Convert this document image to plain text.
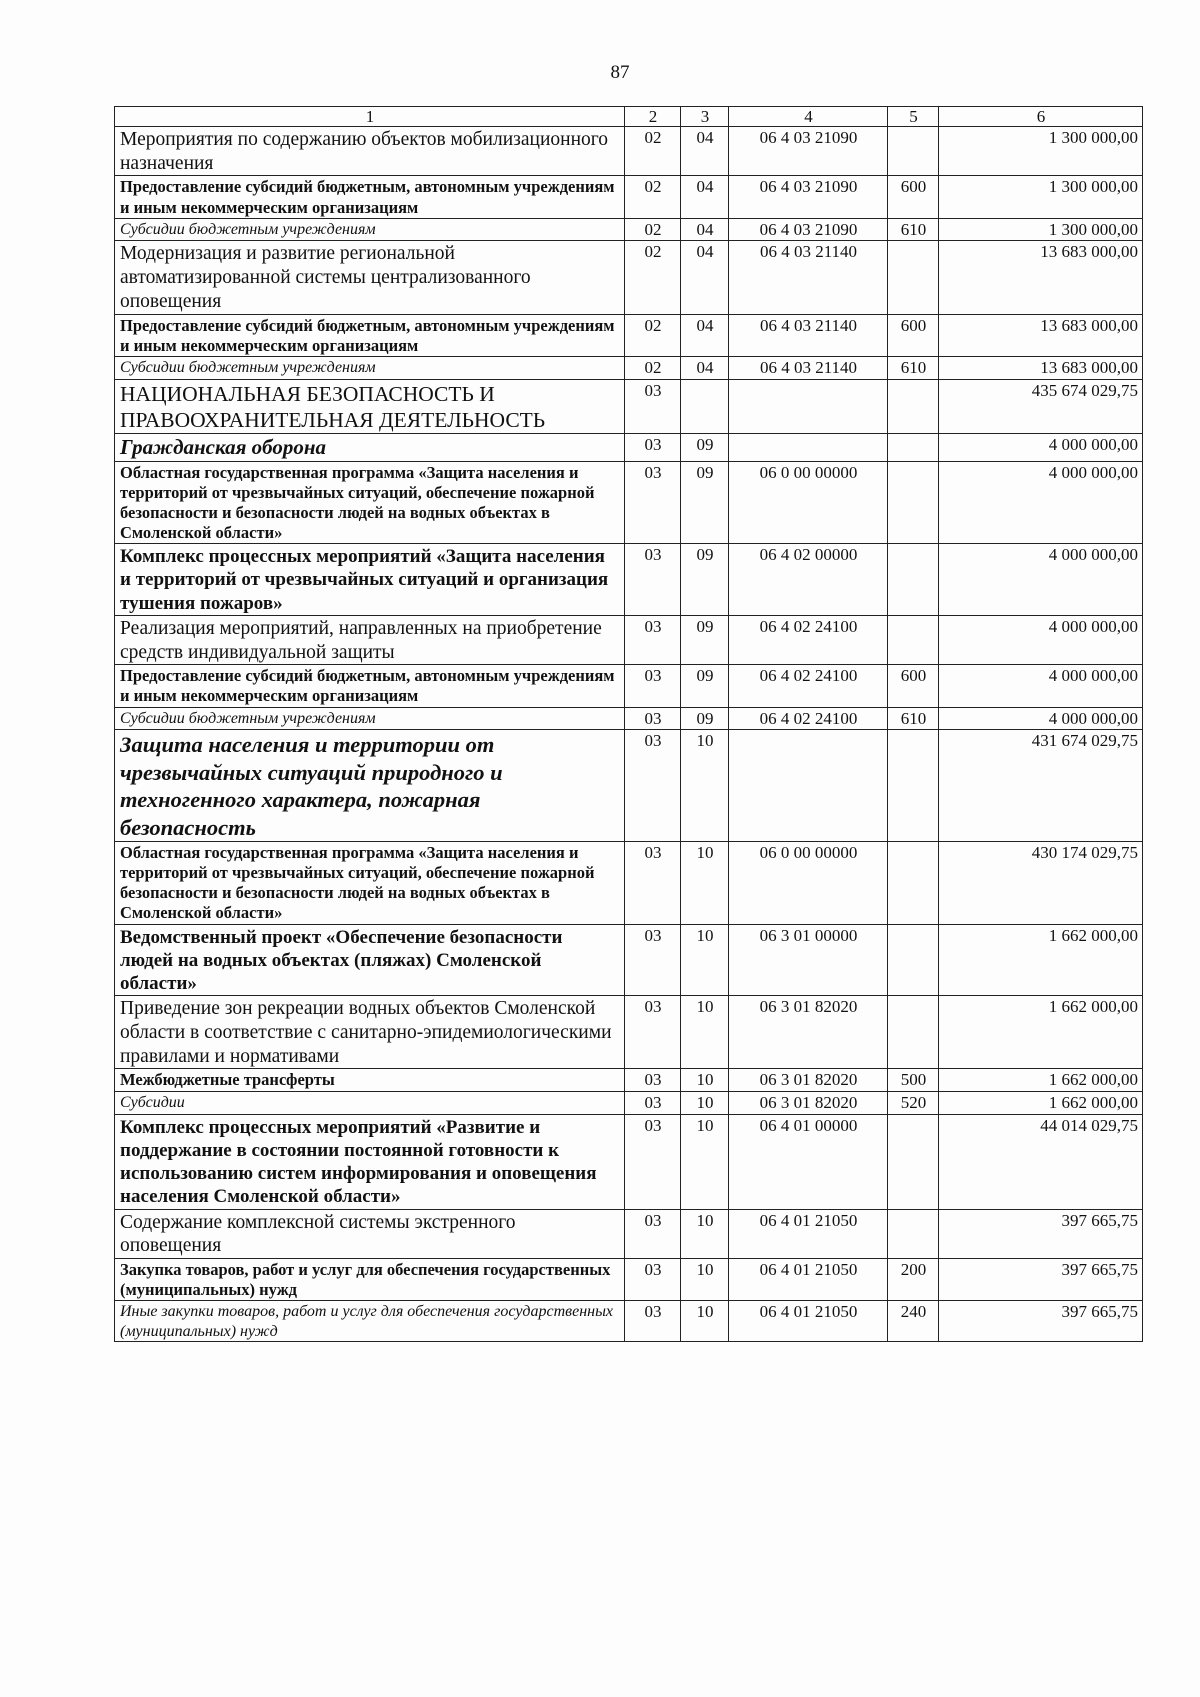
87
1	2	3	4	5	6
Мероприятия по содержанию объектов мобилизационного назначения	02	04	06 4 03 21090		1 300 000,00
Предоставление субсидий бюджетным, автономным учреждениям и иным некоммерческим организациям	02	04	06 4 03 21090	600	1 300 000,00
Субсидии бюджетным учреждениям	02	04	06 4 03 21090	610	1 300 000,00
Модернизация и развитие региональной автоматизированной системы централизованного оповещения	02	04	06 4 03 21140		13 683 000,00
Предоставление субсидий бюджетным, автономным учреждениям и иным некоммерческим организациям	02	04	06 4 03 21140	600	13 683 000,00
Субсидии бюджетным учреждениям	02	04	06 4 03 21140	610	13 683 000,00
НАЦИОНАЛЬНАЯ БЕЗОПАСНОСТЬ И ПРАВООХРАНИТЕЛЬНАЯ ДЕЯТЕЛЬНОСТЬ	03				435 674 029,75
Гражданская оборона	03	09			4 000 000,00
Областная государственная программа «Защита населения и территорий от чрезвычайных ситуаций, обеспечение пожарной безопасности и безопасности людей на водных объектах в Смоленской области»	03	09	06 0 00 00000		4 000 000,00
Комплекс процессных мероприятий «Защита населения и территорий от чрезвычайных ситуаций и организация тушения пожаров»	03	09	06 4 02 00000		4 000 000,00
Реализация мероприятий, направленных на приобретение средств индивидуальной защиты	03	09	06 4 02 24100		4 000 000,00
Предоставление субсидий бюджетным, автономным учреждениям и иным некоммерческим организациям	03	09	06 4 02 24100	600	4 000 000,00
Субсидии бюджетным учреждениям	03	09	06 4 02 24100	610	4 000 000,00
Защита населения и территории от чрезвычайных ситуаций природного и техногенного характера, пожарная безопасность	03	10			431 674 029,75
Областная государственная программа «Защита населения и территорий от чрезвычайных ситуаций, обеспечение пожарной безопасности и безопасности людей на водных объектах в Смоленской области»	03	10	06 0 00 00000		430 174 029,75
Ведомственный проект «Обеспечение безопасности людей на водных объектах (пляжах) Смоленской области»	03	10	06 3 01 00000		1 662 000,00
Приведение зон рекреации водных объектов Смоленской области в соответствие с санитарно-эпидемиологическими правилами и нормативами	03	10	06 3 01 82020		1 662 000,00
Межбюджетные трансферты	03	10	06 3 01 82020	500	1 662 000,00
Субсидии	03	10	06 3 01 82020	520	1 662 000,00
Комплекс процессных мероприятий «Развитие и поддержание в состоянии постоянной готовности к использованию систем информирования и оповещения населения Смоленской области»	03	10	06 4 01 00000		44 014 029,75
Содержание комплексной системы экстренного оповещения	03	10	06 4 01 21050		397 665,75
Закупка товаров, работ и услуг для обеспечения государственных (муниципальных) нужд	03	10	06 4 01 21050	200	397 665,75
Иные закупки товаров, работ и услуг для обеспечения государственных (муниципальных) нужд	03	10	06 4 01 21050	240	397 665,75
